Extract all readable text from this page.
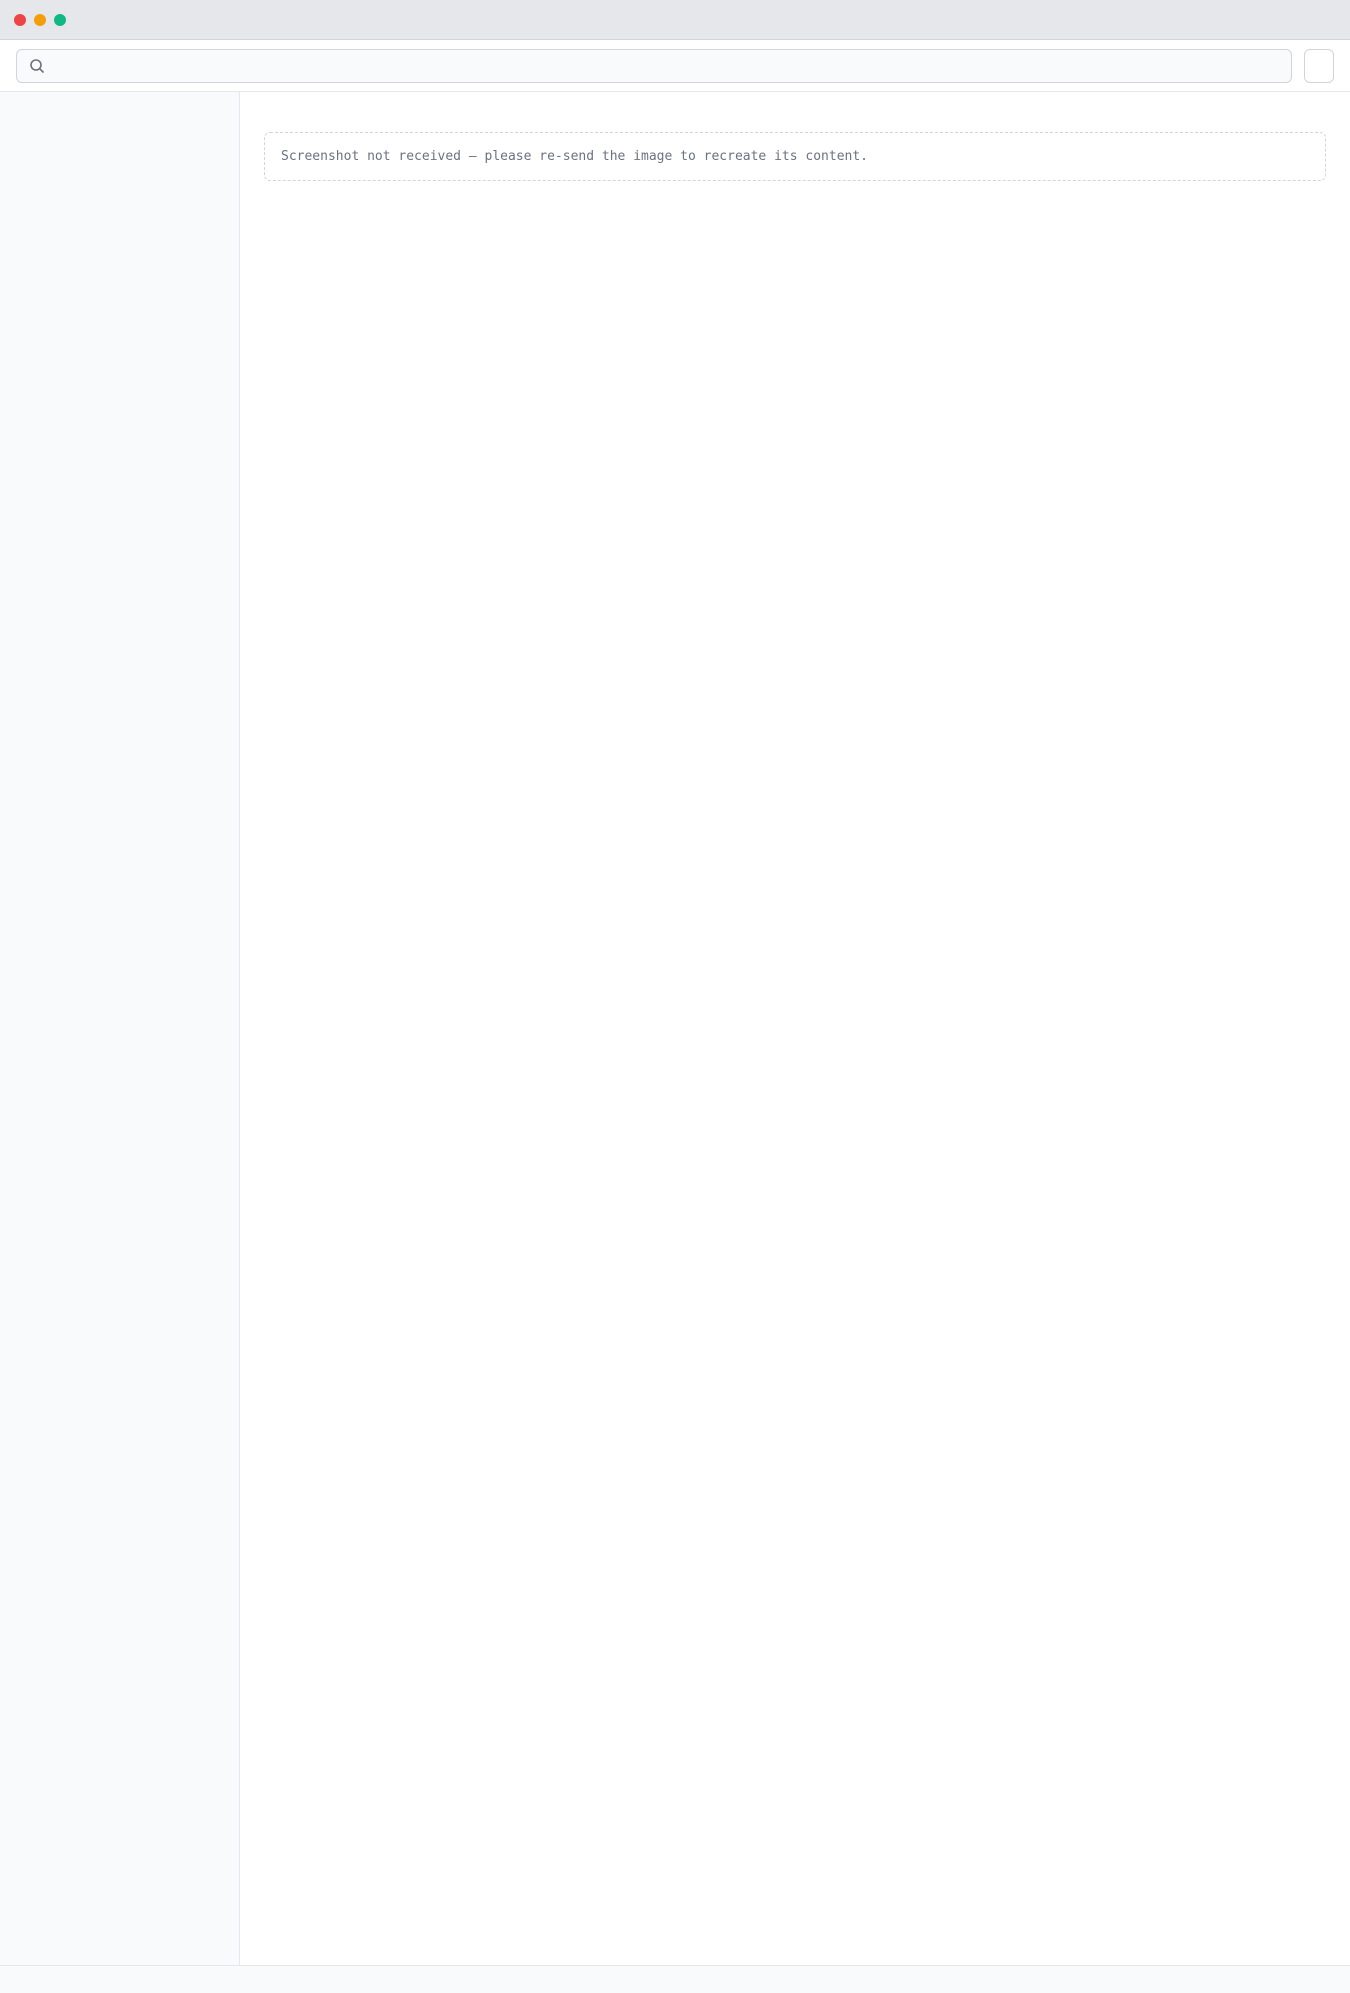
Screenshot not received — please re-send the image to recreate its content.
